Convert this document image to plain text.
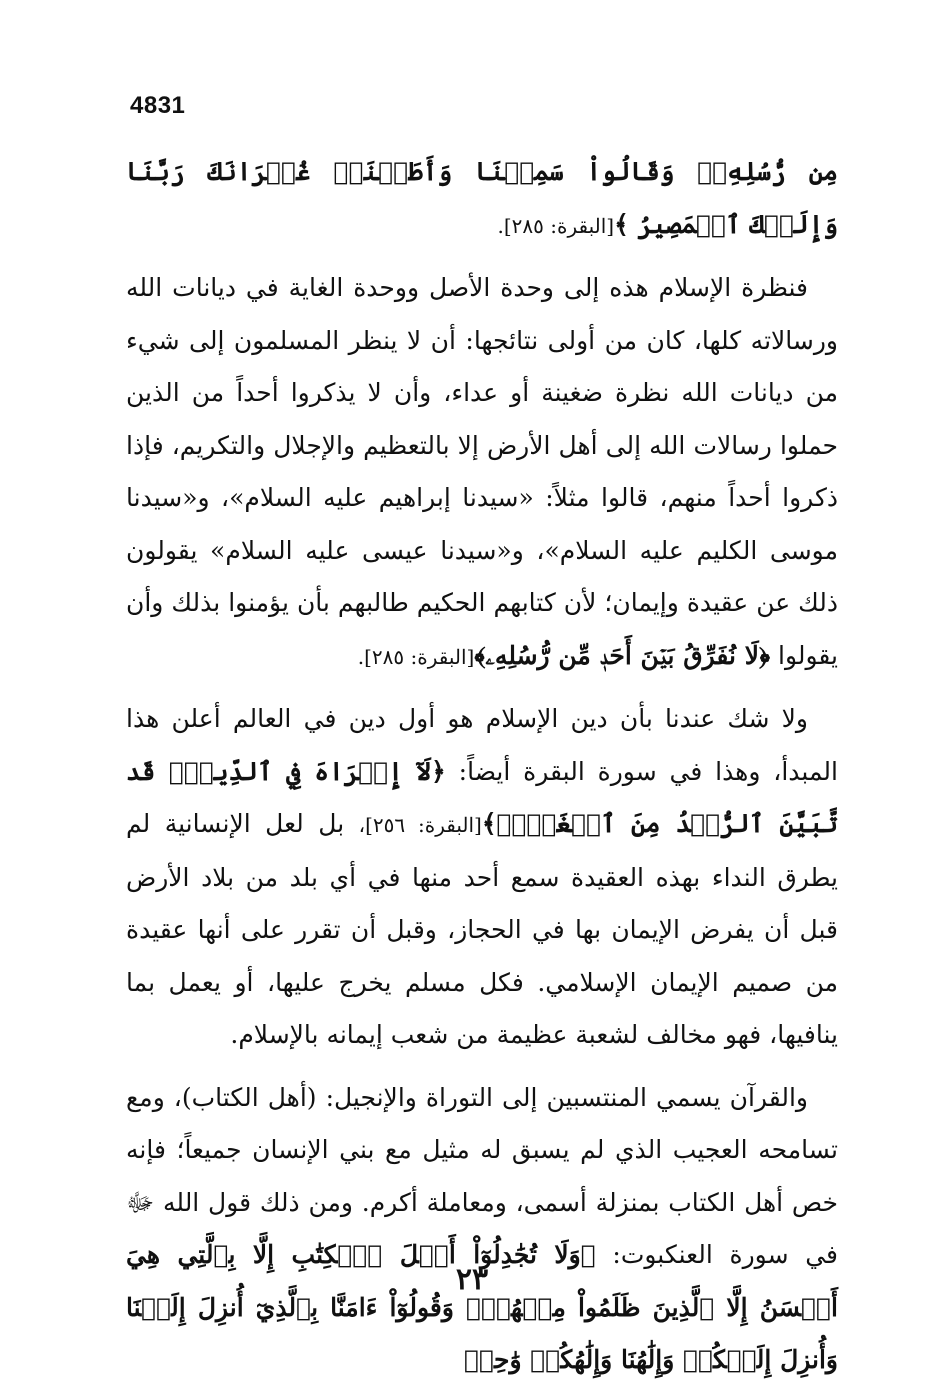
4831

مِن رُّسُلِهِۦۚ وَقَالُواْ سَمِعۡنَا وَأَطَعۡنَاۖ غُفۡرَانَكَ رَبَّنَا وَإِلَيۡكَ ٱلۡمَصِيرُ ﴾[البقرة: ٢٨٥].

فنظرة الإسلام هذه إلى وحدة الأصل ووحدة الغاية في ديانات الله ورسالاته كلها، كان من أولى نتائجها: أن لا ينظر المسلمون إلى شيء من ديانات الله نظرة ضغينة أو عداء، وأن لا يذكروا أحداً من الذين حملوا رسالات الله إلى أهل الأرض إلا بالتعظيم والإجلال والتكريم، فإذا ذكروا أحداً منهم، قالوا مثلاً: «سيدنا إبراهيم عليه السلام»، و«سيدنا موسى الكليم عليه السلام»، و«سيدنا عيسى عليه السلام» يقولون ذلك عن عقيدة وإيمان؛ لأن كتابهم الحكيم طالبهم بأن يؤمنوا بذلك وأن يقولوا ﴿لَا نُفَرِّقُ بَيۡنَ أَحَدٖ مِّن رُّسُلِهِۦ﴾[البقرة: ٢٨٥].

ولا شك عندنا بأن دين الإسلام هو أول دين في العالم أعلن هذا المبدأ، وهذا في سورة البقرة أيضاً: ﴿لَآ إِكۡرَاهَ فِي ٱلدِّينِۖ قَد تَّبَيَّنَ ٱلرُّشۡدُ مِنَ ٱلۡغَيِّۚ﴾[البقرة: ٢٥٦]، بل لعل الإنسانية لم يطرق النداء بهذه العقيدة سمع أحد منها في أي بلد من بلاد الأرض قبل أن يفرض الإيمان بها في الحجاز، وقبل أن تقرر على أنها عقيدة من صميم الإيمان الإسلامي. فكل مسلم يخرج عليها، أو يعمل بما ينافيها، فهو مخالف لشعبة عظيمة من شعب إيمانه بالإسلام.

والقرآن يسمي المنتسبين إلى التوراة والإنجيل: (أهل الكتاب)، ومع تسامحه العجيب الذي لم يسبق له مثيل مع بني الإنسان جميعاً؛ فإنه خص أهل الكتاب بمنزلة أسمى، ومعاملة أكرم. ومن ذلك قول الله ﷻ في سورة العنكبوت: ﴿وَلَا تُجَٰدِلُوٓاْ أَهۡلَ ٱلۡكِتَٰبِ إِلَّا بِٱلَّتِي هِيَ أَحۡسَنُ إِلَّا ٱلَّذِينَ ظَلَمُواْ مِنۡهُمۡۖ وَقُولُوٓاْ ءَامَنَّا بِٱلَّذِيٓ أُنزِلَ إِلَيۡنَا وَأُنزِلَ إِلَيۡكُمۡ وَإِلَٰهُنَا وَإِلَٰهُكُمۡ وَٰحِدٞ

٢٣
